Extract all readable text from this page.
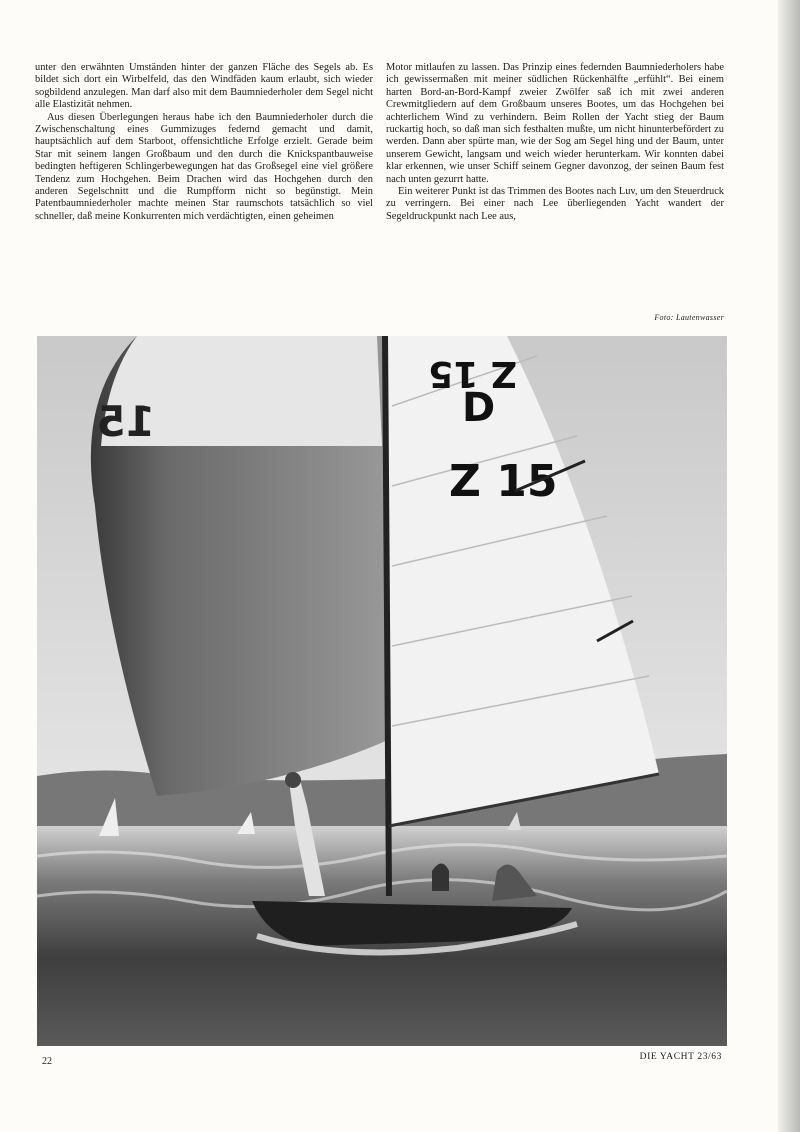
unter den erwähnten Umständen hinter der ganzen Fläche des Segels ab. Es bildet sich dort ein Wirbelfeld, das den Windfäden kaum erlaubt, sich wieder sogbildend anzulegen. Man darf also mit dem Baumniederholer dem Segel nicht alle Elastizität nehmen.

Aus diesen Überlegungen heraus habe ich den Baumniederholer durch die Zwischenschaltung eines Gummizuges federnd gemacht und damit, hauptsächlich auf dem Starboot, offensichtliche Erfolge erzielt. Gerade beim Star mit seinem langen Großbaum und den durch die Knickspantbauweise bedingten heftigeren Schlingerbewegungen hat das Großsegel eine viel größere Tendenz zum Hochgehen. Beim Drachen wird das Hochgehen durch den anderen Segelschnitt und die Rumpfform nicht so begünstigt. Mein Patentbaumniederholer machte meinen Star raumschots tatsächlich so viel schneller, daß meine Konkurrenten mich verdächtigten, einen geheimen

Motor mitlaufen zu lassen. Das Prinzip eines federnden Baumniederholers habe ich gewissermaßen mit meiner südlichen Rückenhälfte „erfühlt“. Bei einem harten Bord-an-Bord-Kampf zweier Zwölfer saß ich mit zwei anderen Crewmitgliedern auf dem Großbaum unseres Bootes, um das Hochgehen bei achterlichem Wind zu verhindern. Beim Rollen der Yacht stieg der Baum ruckartig hoch, so daß man sich festhalten mußte, um nicht hinunterbefördert zu werden. Dann aber spürte man, wie der Sog am Segel hing und der Baum, unter unserem Gewicht, langsam und weich wieder herunterkam. Wir konnten dabei klar erkennen, wie unser Schiff seinem Gegner davonzog, der seinen Baum fest nach unten gezurrt hatte.

Ein weiterer Punkt ist das Trimmen des Bootes nach Luv, um den Steuerdruck zu verringern. Bei einer nach Lee überliegenden Yacht wandert der Segeldruckpunkt nach Lee aus,

Foto: Lautenwasser
15
Z 15
D
Z 15
22	DIE YACHT 23/63
